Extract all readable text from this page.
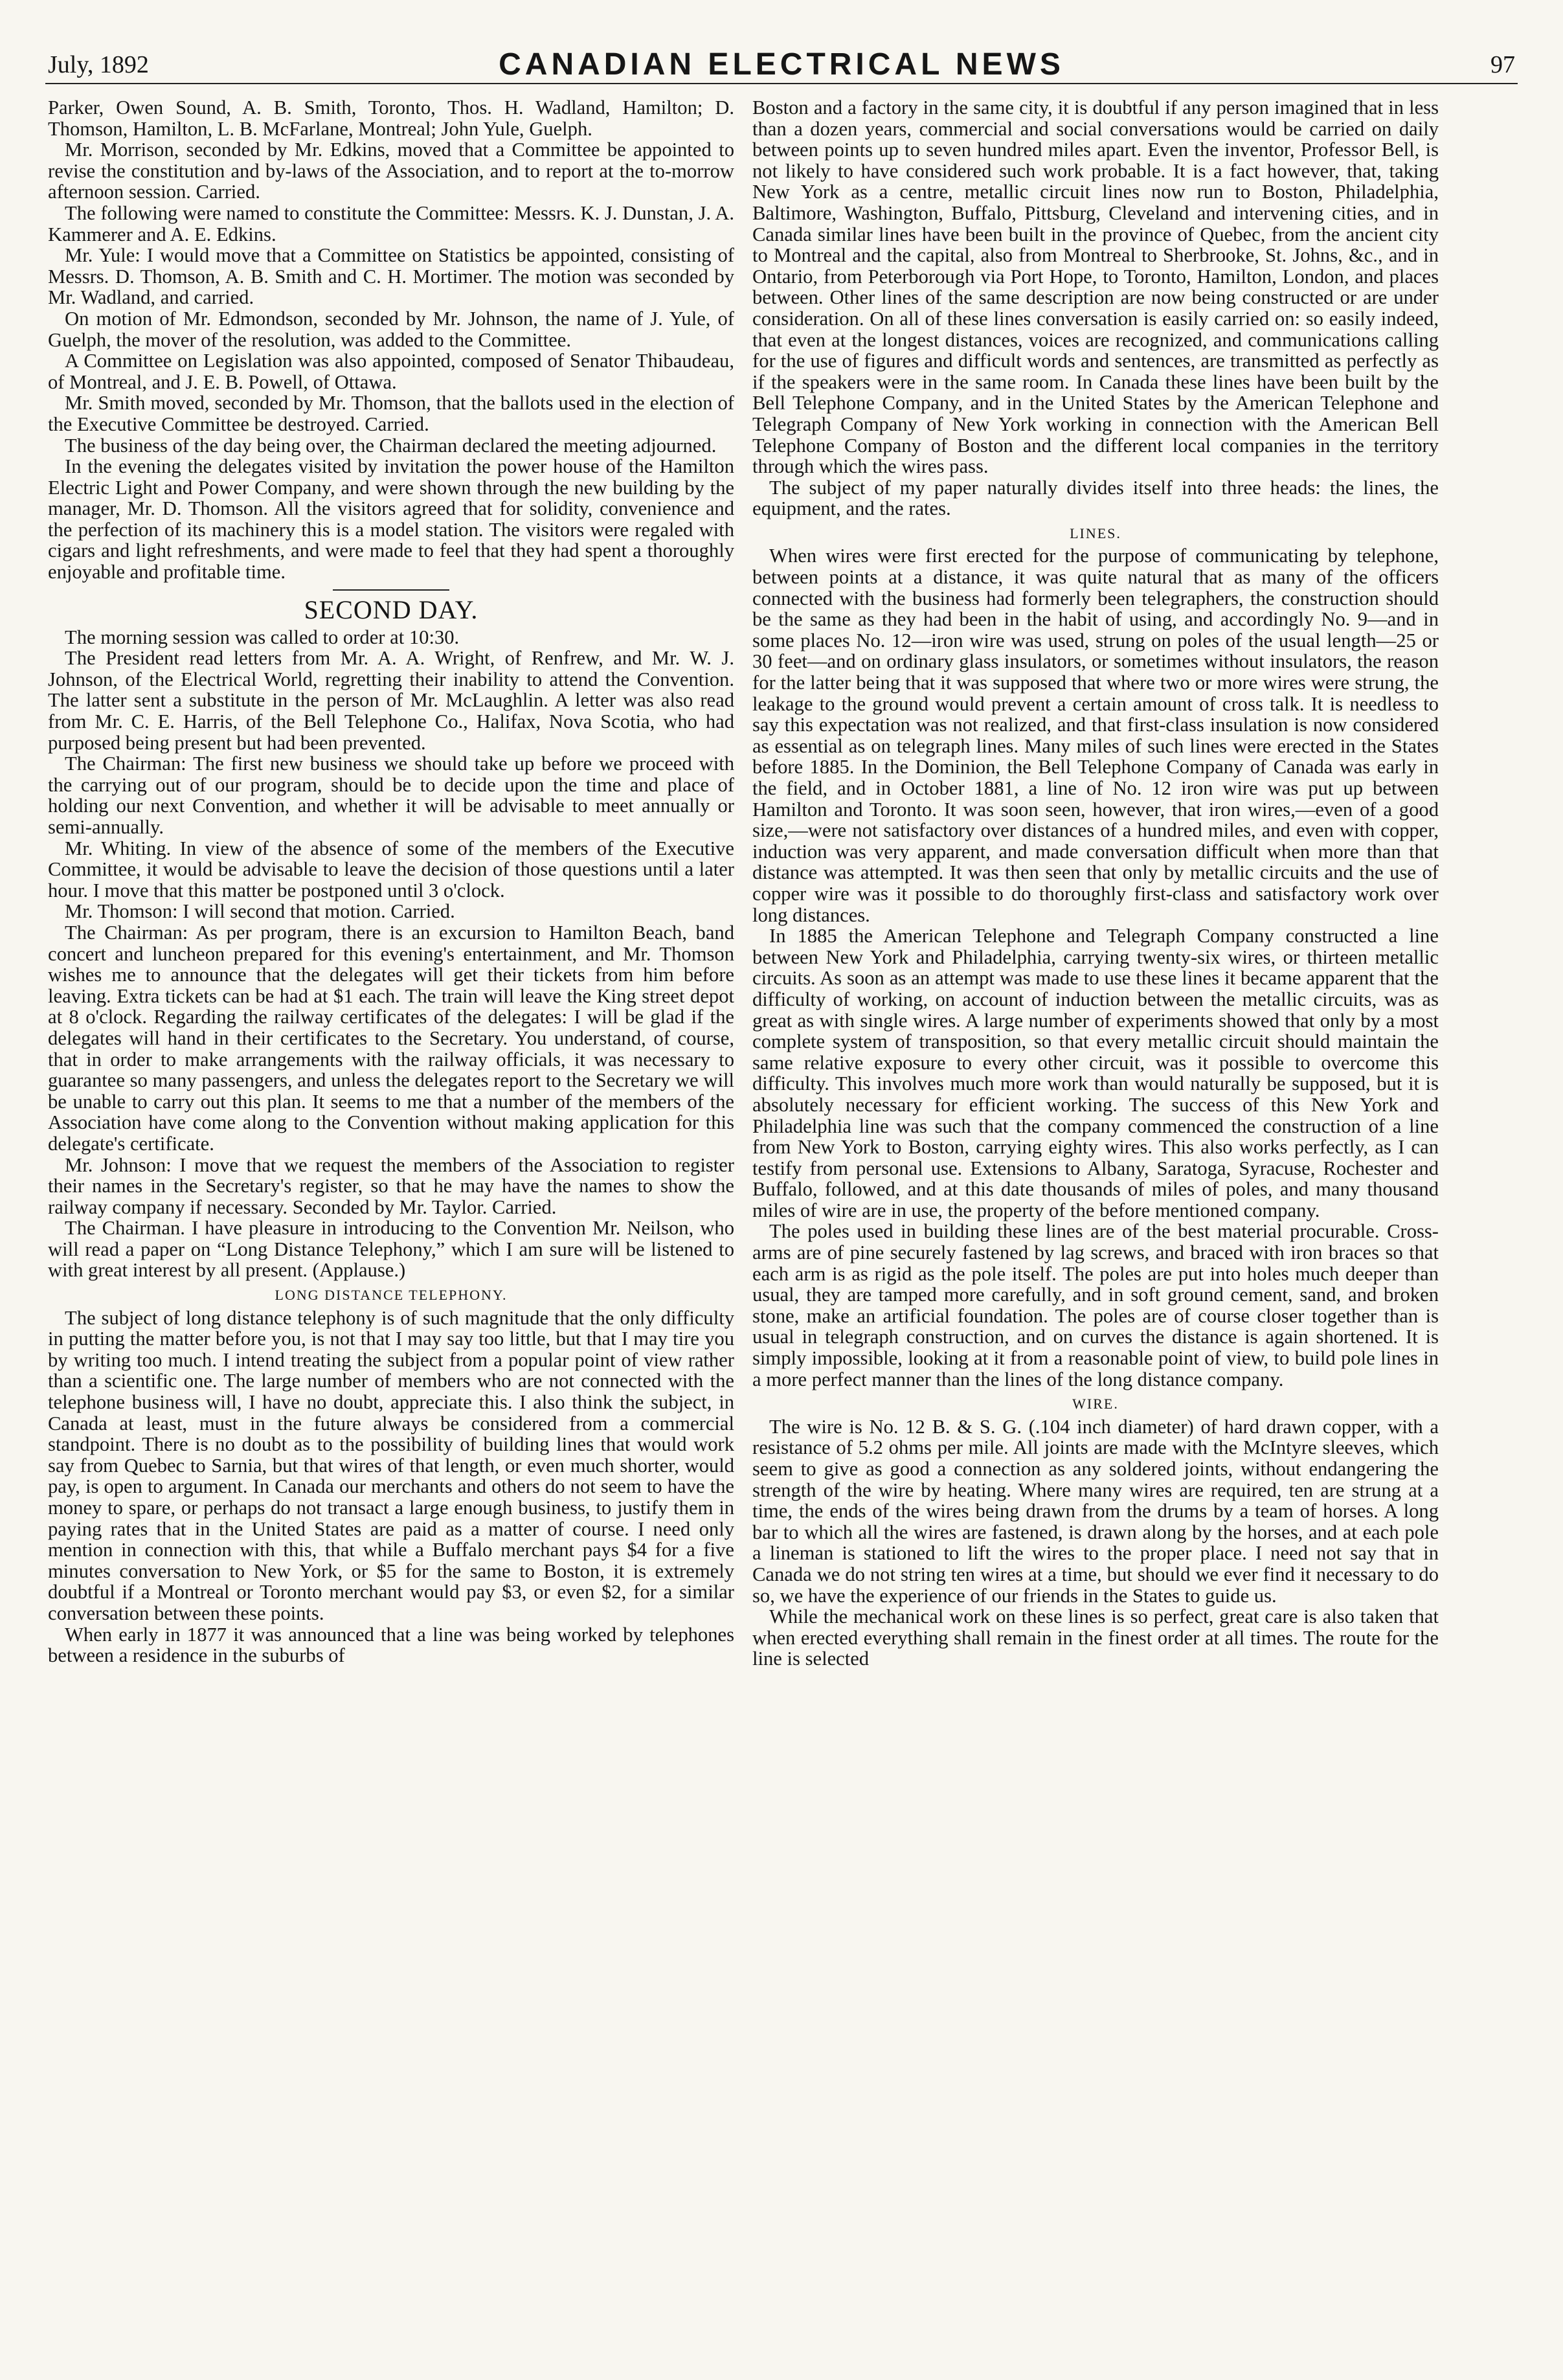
July, 1892	CANADIAN ELECTRICAL NEWS	97

Parker, Owen Sound, A. B. Smith, Toronto, Thos. H. Wadland, Hamilton; D. Thomson, Hamilton, L. B. McFarlane, Montreal; John Yule, Guelph.

Mr. Morrison, seconded by Mr. Edkins, moved that a Committee be appointed to revise the constitution and by-laws of the Association, and to report at the to-morrow afternoon session. Carried.

The following were named to constitute the Committee: Messrs. K. J. Dunstan, J. A. Kammerer and A. E. Edkins.

Mr. Yule: I would move that a Committee on Statistics be appointed, consisting of Messrs. D. Thomson, A. B. Smith and C. H. Mortimer. The motion was seconded by Mr. Wadland, and carried.

On motion of Mr. Edmondson, seconded by Mr. Johnson, the name of J. Yule, of Guelph, the mover of the resolution, was added to the Committee.

A Committee on Legislation was also appointed, composed of Senator Thibaudeau, of Montreal, and J. E. B. Powell, of Ottawa.

Mr. Smith moved, seconded by Mr. Thomson, that the ballots used in the election of the Executive Committee be destroyed. Carried.

The business of the day being over, the Chairman declared the meeting adjourned.

In the evening the delegates visited by invitation the power house of the Hamilton Electric Light and Power Company, and were shown through the new building by the manager, Mr. D. Thomson. All the visitors agreed that for solidity, convenience and the perfection of its machinery this is a model station. The visitors were regaled with cigars and light refreshments, and were made to feel that they had spent a thoroughly enjoyable and profitable time.

SECOND DAY.

The morning session was called to order at 10:30.

The President read letters from Mr. A. A. Wright, of Renfrew, and Mr. W. J. Johnson, of the Electrical World, regretting their inability to attend the Convention. The latter sent a substitute in the person of Mr. McLaughlin. A letter was also read from Mr. C. E. Harris, of the Bell Telephone Co., Halifax, Nova Scotia, who had purposed being present but had been prevented.

The Chairman: The first new business we should take up before we proceed with the carrying out of our program, should be to decide upon the time and place of holding our next Convention, and whether it will be advisable to meet annually or semi-annually.

Mr. Whiting. In view of the absence of some of the members of the Executive Committee, it would be advisable to leave the decision of those questions until a later hour. I move that this matter be postponed until 3 o'clock.

Mr. Thomson: I will second that motion. Carried.

The Chairman: As per program, there is an excursion to Hamilton Beach, band concert and luncheon prepared for this evening's entertainment, and Mr. Thomson wishes me to announce that the delegates will get their tickets from him before leaving. Extra tickets can be had at $1 each. The train will leave the King street depot at 8 o'clock. Regarding the railway certificates of the delegates: I will be glad if the delegates will hand in their certificates to the Secretary. You understand, of course, that in order to make arrangements with the railway officials, it was necessary to guarantee so many passengers, and unless the delegates report to the Secretary we will be unable to carry out this plan. It seems to me that a number of the members of the Association have come along to the Convention without making application for this delegate's certificate.

Mr. Johnson: I move that we request the members of the Association to register their names in the Secretary's register, so that he may have the names to show the railway company if necessary. Seconded by Mr. Taylor. Carried.

The Chairman. I have pleasure in introducing to the Convention Mr. Neilson, who will read a paper on “Long Distance Telephony,” which I am sure will be listened to with great interest by all present. (Applause.)

LONG DISTANCE TELEPHONY.

The subject of long distance telephony is of such magnitude that the only difficulty in putting the matter before you, is not that I may say too little, but that I may tire you by writing too much. I intend treating the subject from a popular point of view rather than a scientific one. The large number of members who are not connected with the telephone business will, I have no doubt, appreciate this. I also think the subject, in Canada at least, must in the future always be considered from a commercial standpoint. There is no doubt as to the possibility of building lines that would work say from Quebec to Sarnia, but that wires of that length, or even much shorter, would pay, is open to argument. In Canada our merchants and others do not seem to have the money to spare, or perhaps do not transact a large enough business, to justify them in paying rates that in the United States are paid as a matter of course. I need only mention in connection with this, that while a Buffalo merchant pays $4 for a five minutes conversation to New York, or $5 for the same to Boston, it is extremely doubtful if a Montreal or Toronto merchant would pay $3, or even $2, for a similar conversation between these points.

When early in 1877 it was announced that a line was being worked by telephones between a residence in the suburbs of

Boston and a factory in the same city, it is doubtful if any person imagined that in less than a dozen years, commercial and social conversations would be carried on daily between points up to seven hundred miles apart. Even the inventor, Professor Bell, is not likely to have considered such work probable. It is a fact however, that, taking New York as a centre, metallic circuit lines now run to Boston, Philadelphia, Baltimore, Washington, Buffalo, Pittsburg, Cleveland and intervening cities, and in Canada similar lines have been built in the province of Quebec, from the ancient city to Montreal and the capital, also from Montreal to Sherbrooke, St. Johns, &c., and in Ontario, from Peterborough via Port Hope, to Toronto, Hamilton, London, and places between. Other lines of the same description are now being constructed or are under consideration. On all of these lines conversation is easily carried on: so easily indeed, that even at the longest distances, voices are recognized, and communications calling for the use of figures and difficult words and sentences, are transmitted as perfectly as if the speakers were in the same room. In Canada these lines have been built by the Bell Telephone Company, and in the United States by the American Telephone and Telegraph Company of New York working in connection with the American Bell Telephone Company of Boston and the different local companies in the territory through which the wires pass.

The subject of my paper naturally divides itself into three heads: the lines, the equipment, and the rates.

LINES.

When wires were first erected for the purpose of communicating by telephone, between points at a distance, it was quite natural that as many of the officers connected with the business had formerly been telegraphers, the construction should be the same as they had been in the habit of using, and accordingly No. 9—and in some places No. 12—iron wire was used, strung on poles of the usual length—25 or 30 feet—and on ordinary glass insulators, or sometimes without insulators, the reason for the latter being that it was supposed that where two or more wires were strung, the leakage to the ground would prevent a certain amount of cross talk. It is needless to say this expectation was not realized, and that first-class insulation is now considered as essential as on telegraph lines. Many miles of such lines were erected in the States before 1885. In the Dominion, the Bell Telephone Company of Canada was early in the field, and in October 1881, a line of No. 12 iron wire was put up between Hamilton and Toronto. It was soon seen, however, that iron wires,—even of a good size,—were not satisfactory over distances of a hundred miles, and even with copper, induction was very apparent, and made conversation difficult when more than that distance was attempted. It was then seen that only by metallic circuits and the use of copper wire was it possible to do thoroughly first-class and satisfactory work over long distances.

In 1885 the American Telephone and Telegraph Company constructed a line between New York and Philadelphia, carrying twenty-six wires, or thirteen metallic circuits. As soon as an attempt was made to use these lines it became apparent that the difficulty of working, on account of induction between the metallic circuits, was as great as with single wires. A large number of experiments showed that only by a most complete system of transposition, so that every metallic circuit should maintain the same relative exposure to every other circuit, was it possible to overcome this difficulty. This involves much more work than would naturally be supposed, but it is absolutely necessary for efficient working. The success of this New York and Philadelphia line was such that the company commenced the construction of a line from New York to Boston, carrying eighty wires. This also works perfectly, as I can testify from personal use. Extensions to Albany, Saratoga, Syracuse, Rochester and Buffalo, followed, and at this date thousands of miles of poles, and many thousand miles of wire are in use, the property of the before mentioned company.

The poles used in building these lines are of the best material procurable. Cross-arms are of pine securely fastened by lag screws, and braced with iron braces so that each arm is as rigid as the pole itself. The poles are put into holes much deeper than usual, they are tamped more carefully, and in soft ground cement, sand, and broken stone, make an artificial foundation. The poles are of course closer together than is usual in telegraph construction, and on curves the distance is again shortened. It is simply impossible, looking at it from a reasonable point of view, to build pole lines in a more perfect manner than the lines of the long distance company.

WIRE.

The wire is No. 12 B. & S. G. (.104 inch diameter) of hard drawn copper, with a resistance of 5.2 ohms per mile. All joints are made with the McIntyre sleeves, which seem to give as good a connection as any soldered joints, without endangering the strength of the wire by heating. Where many wires are required, ten are strung at a time, the ends of the wires being drawn from the drums by a team of horses. A long bar to which all the wires are fastened, is drawn along by the horses, and at each pole a lineman is stationed to lift the wires to the proper place. I need not say that in Canada we do not string ten wires at a time, but should we ever find it necessary to do so, we have the experience of our friends in the States to guide us.

While the mechanical work on these lines is so perfect, great care is also taken that when erected everything shall remain in the finest order at all times. The route for the line is selected
